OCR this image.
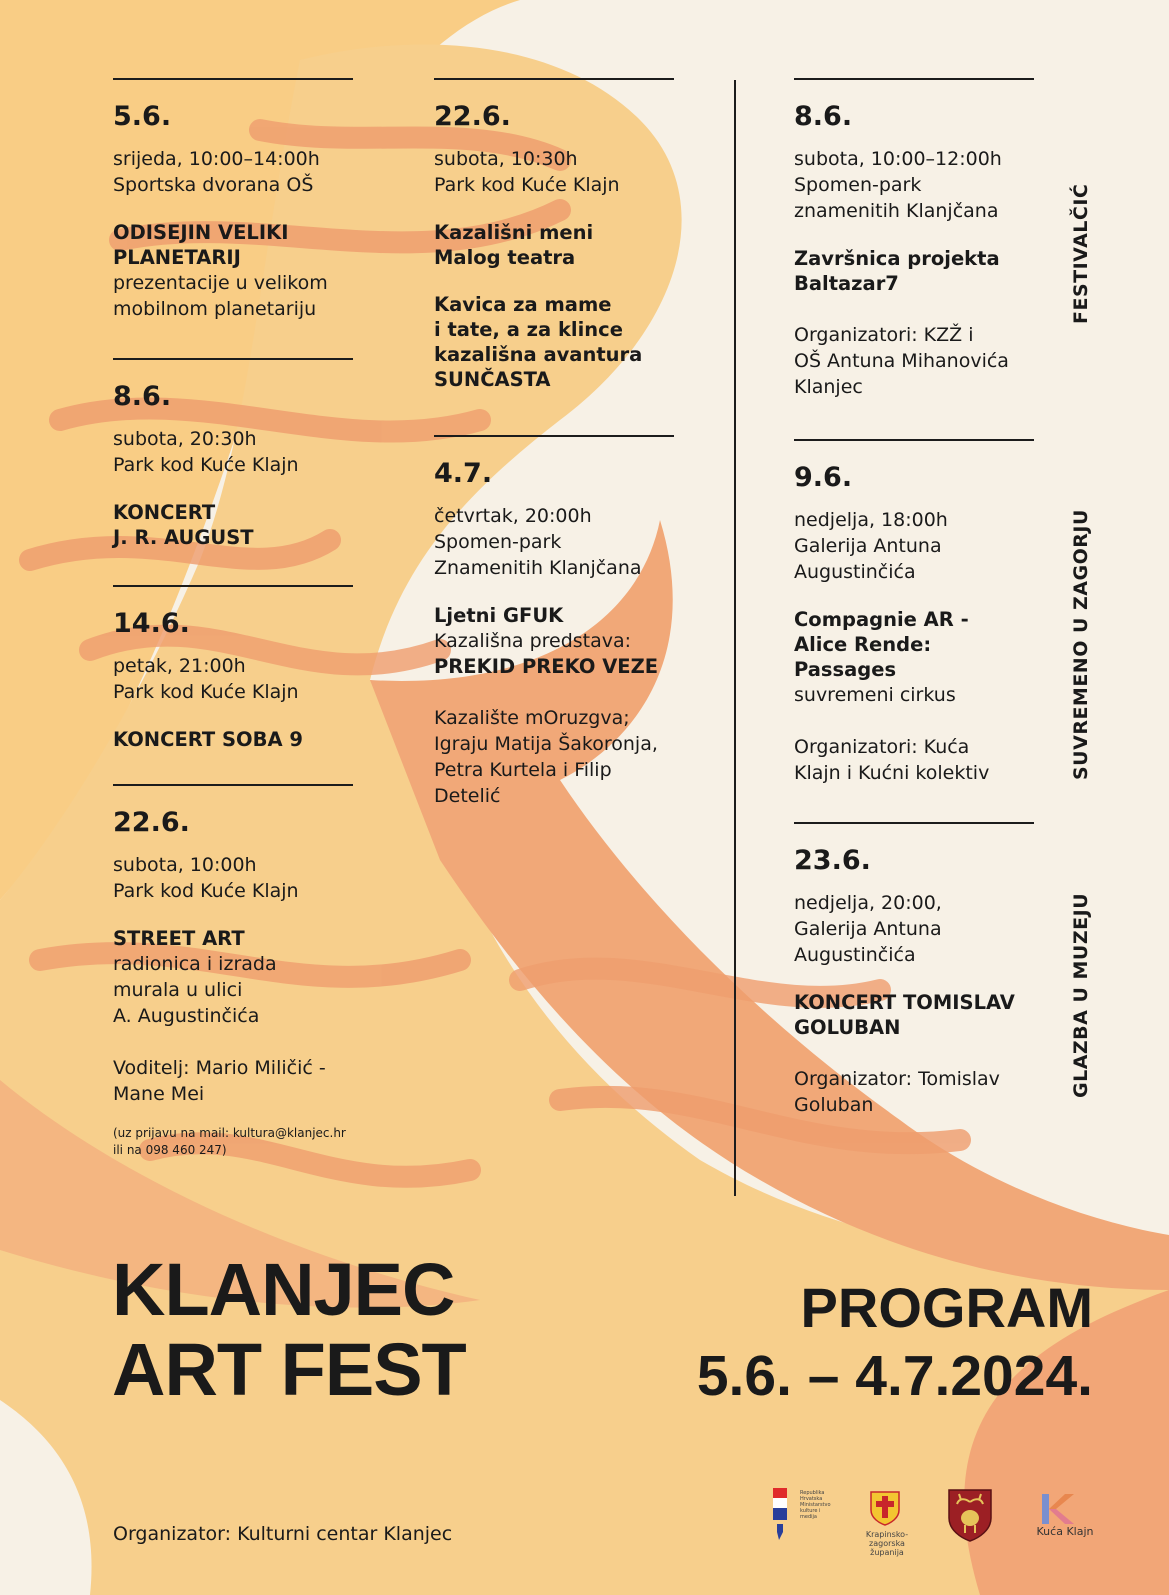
5.6.
srijeda, 10:00–14:00h
Sportska dvorana OŠ
ODISEJIN VELIKI
PLANETARIJ
prezentacije u velikom
mobilnom planetariju
8.6.
subota, 20:30h
Park kod Kuće Klajn
KONCERT
J. R. AUGUST
14.6.
petak, 21:00h
Park kod Kuće Klajn
KONCERT SOBA 9
22.6.
subota, 10:00h
Park kod Kuće Klajn
STREET ART
radionica i izrada
murala u ulici
A. Augustinčića
Voditelj: Mario Miličić -
Mane Mei
(uz prijavu na mail: kultura@klanjec.hr
ili na 098 460 247)
22.6.
subota, 10:30h
Park kod Kuće Klajn
Kazališni meni
Malog teatra
Kavica za mame
i tate, a za klince
kazališna avantura
SUNČASTA
4.7.
četvrtak, 20:00h
Spomen-park
Znamenitih Klanjčana
Ljetni GFUK
Kazališna predstava:
PREKID PREKO VEZE
Kazalište mOruzgva;
Igraju Matija Šakoronja,
Petra Kurtela i Filip
Detelić
8.6.
subota, 10:00–12:00h
Spomen-park
znamenitih Klanjčana
Završnica projekta
Baltazar7
Organizatori: KZŽ i
OŠ Antuna Mihanovića
Klanjec
9.6.
nedjelja, 18:00h
Galerija Antuna
Augustinčića
Compagnie AR -
Alice Rende:
Passages
suvremeni cirkus
Organizatori: Kuća
Klajn i Kućni kolektiv
23.6.
nedjelja, 20:00,
Galerija Antuna
Augustinčića
KONCERT TOMISLAV
GOLUBAN
Organizator: Tomislav
Goluban
FESTIVALČIĆ
SUVREMENO U ZAGORJU
GLAZBA U MUZEJU
KLANJEC
ART FEST
PROGRAM
5.6. – 4.7.2024.
Organizator: Kulturni centar Klanjec
Republika Hrvatska Ministarstvo kulture i medija
Krapinsko-zagorska županija
Kuća Klajn
